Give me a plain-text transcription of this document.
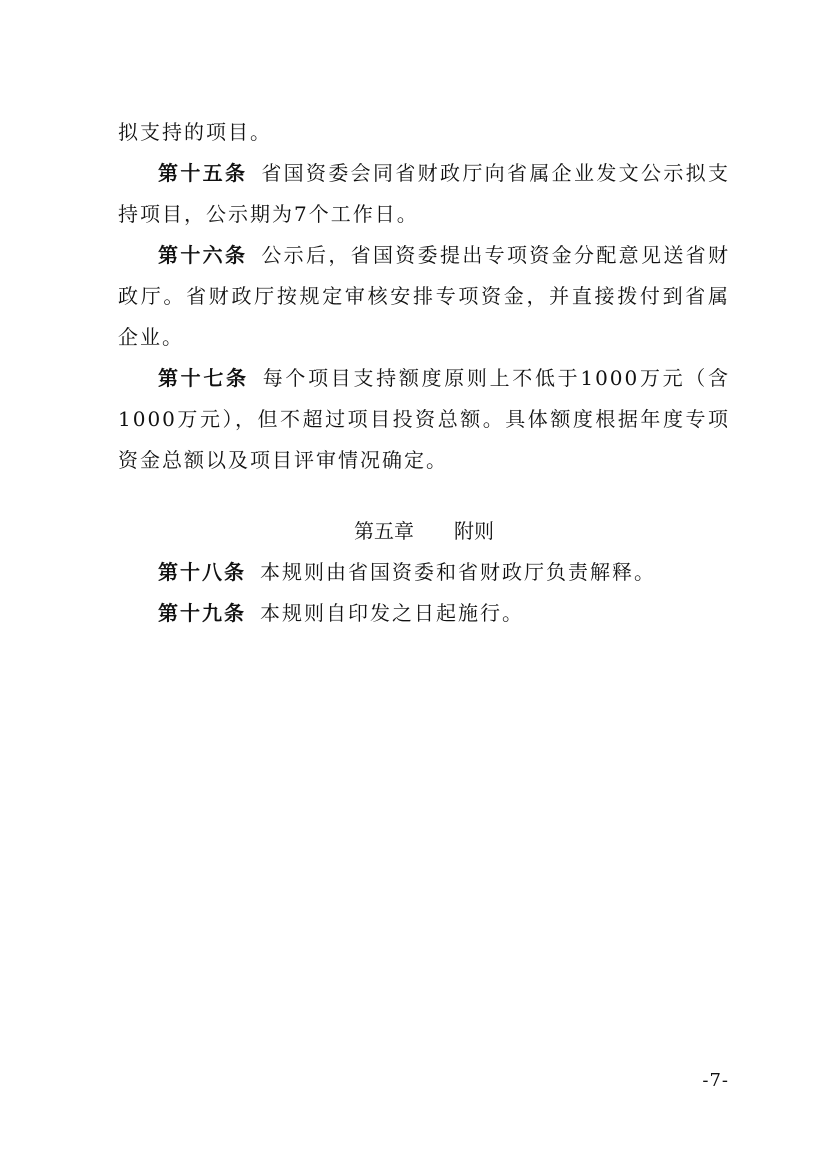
拟支持的项目。

第十五条 省国资委会同省财政厅向省属企业发文公示拟支持项目，公示期为7个工作日。

第十六条 公示后，省国资委提出专项资金分配意见送省财政厅。省财政厅按规定审核安排专项资金，并直接拨付到省属企业。

第十七条 每个项目支持额度原则上不低于1000万元（含1000万元），但不超过项目投资总额。具体额度根据年度专项资金总额以及项目评审情况确定。

第五章 附则

第十八条 本规则由省国资委和省财政厅负责解释。

第十九条 本规则自印发之日起施行。

-7-
